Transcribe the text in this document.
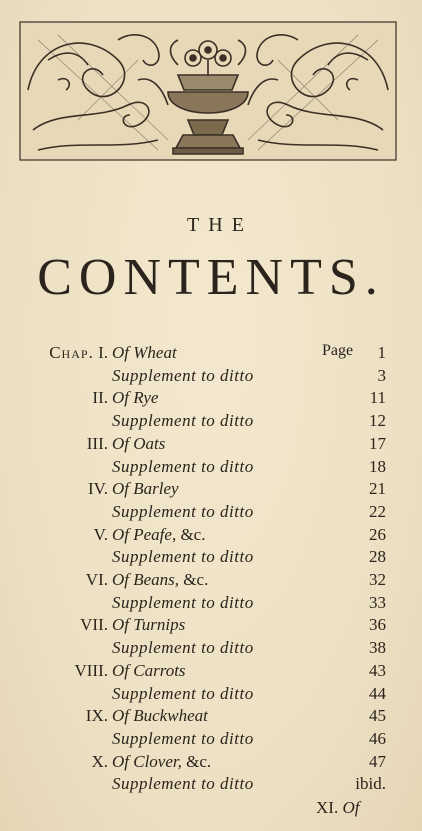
THE
CONTENTS.
Page
Chap. I. Of Wheat	1
Supplement to ditto	3
II. Of Rye	11
Supplement to ditto	12
III. Of Oats	17
Supplement to ditto	18
IV. Of Barley	21
Supplement to ditto	22
V. Of Peafe, &c.	26
Supplement to ditto	28
VI. Of Beans, &c.	32
Supplement to ditto	33
VII. Of Turnips	36
Supplement to ditto	38
VIII. Of Carrots	43
Supplement to ditto	44
IX. Of Buckwheat	45
Supplement to ditto	46
X. Of Clover, &c.	47
Supplement to ditto	ibid.
XI. Of
